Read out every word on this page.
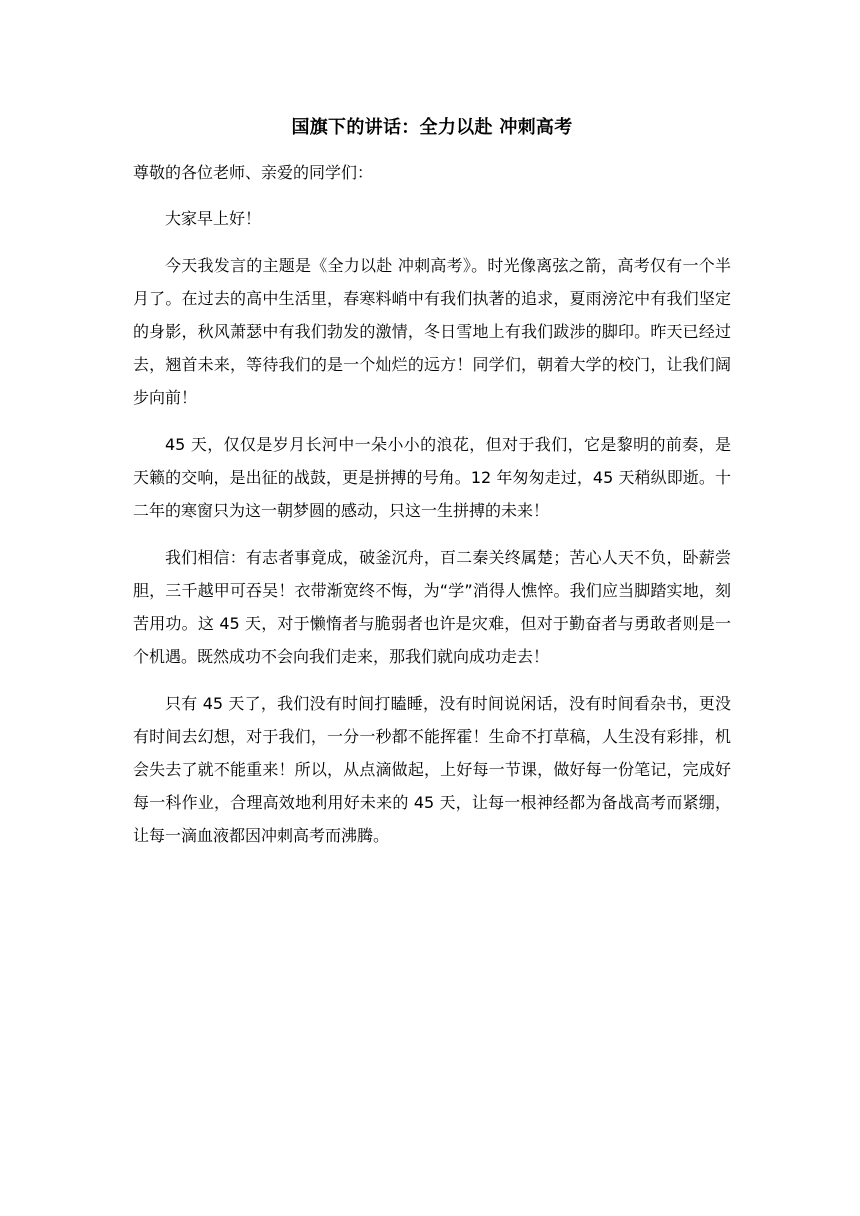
国旗下的讲话：全力以赴 冲刺高考

尊敬的各位老师、亲爱的同学们：

大家早上好！

今天我发言的主题是《全力以赴 冲刺高考》。时光像离弦之箭，高考仅有一个半月了。在过去的高中生活里，春寒料峭中有我们执著的追求，夏雨滂沱中有我们坚定的身影，秋风萧瑟中有我们勃发的激情，冬日雪地上有我们跋涉的脚印。昨天已经过去，翘首未来，等待我们的是一个灿烂的远方！同学们，朝着大学的校门，让我们阔步向前！

45 天，仅仅是岁月长河中一朵小小的浪花，但对于我们，它是黎明的前奏，是天籁的交响，是出征的战鼓，更是拼搏的号角。12 年匆匆走过，45 天稍纵即逝。十二年的寒窗只为这一朝梦圆的感动，只这一生拼搏的未来！

我们相信：有志者事竟成，破釜沉舟，百二秦关终属楚；苦心人天不负，卧薪尝胆，三千越甲可吞吴！衣带渐宽终不悔，为“学”消得人憔悴。我们应当脚踏实地，刻苦用功。这 45 天，对于懒惰者与脆弱者也许是灾难，但对于勤奋者与勇敢者则是一个机遇。既然成功不会向我们走来，那我们就向成功走去！

只有 45 天了，我们没有时间打瞌睡，没有时间说闲话，没有时间看杂书，更没有时间去幻想，对于我们，一分一秒都不能挥霍！生命不打草稿，人生没有彩排，机会失去了就不能重来！所以，从点滴做起，上好每一节课，做好每一份笔记，完成好每一科作业，合理高效地利用好未来的 45 天，让每一根神经都为备战高考而紧绷，让每一滴血液都因冲刺高考而沸腾。
